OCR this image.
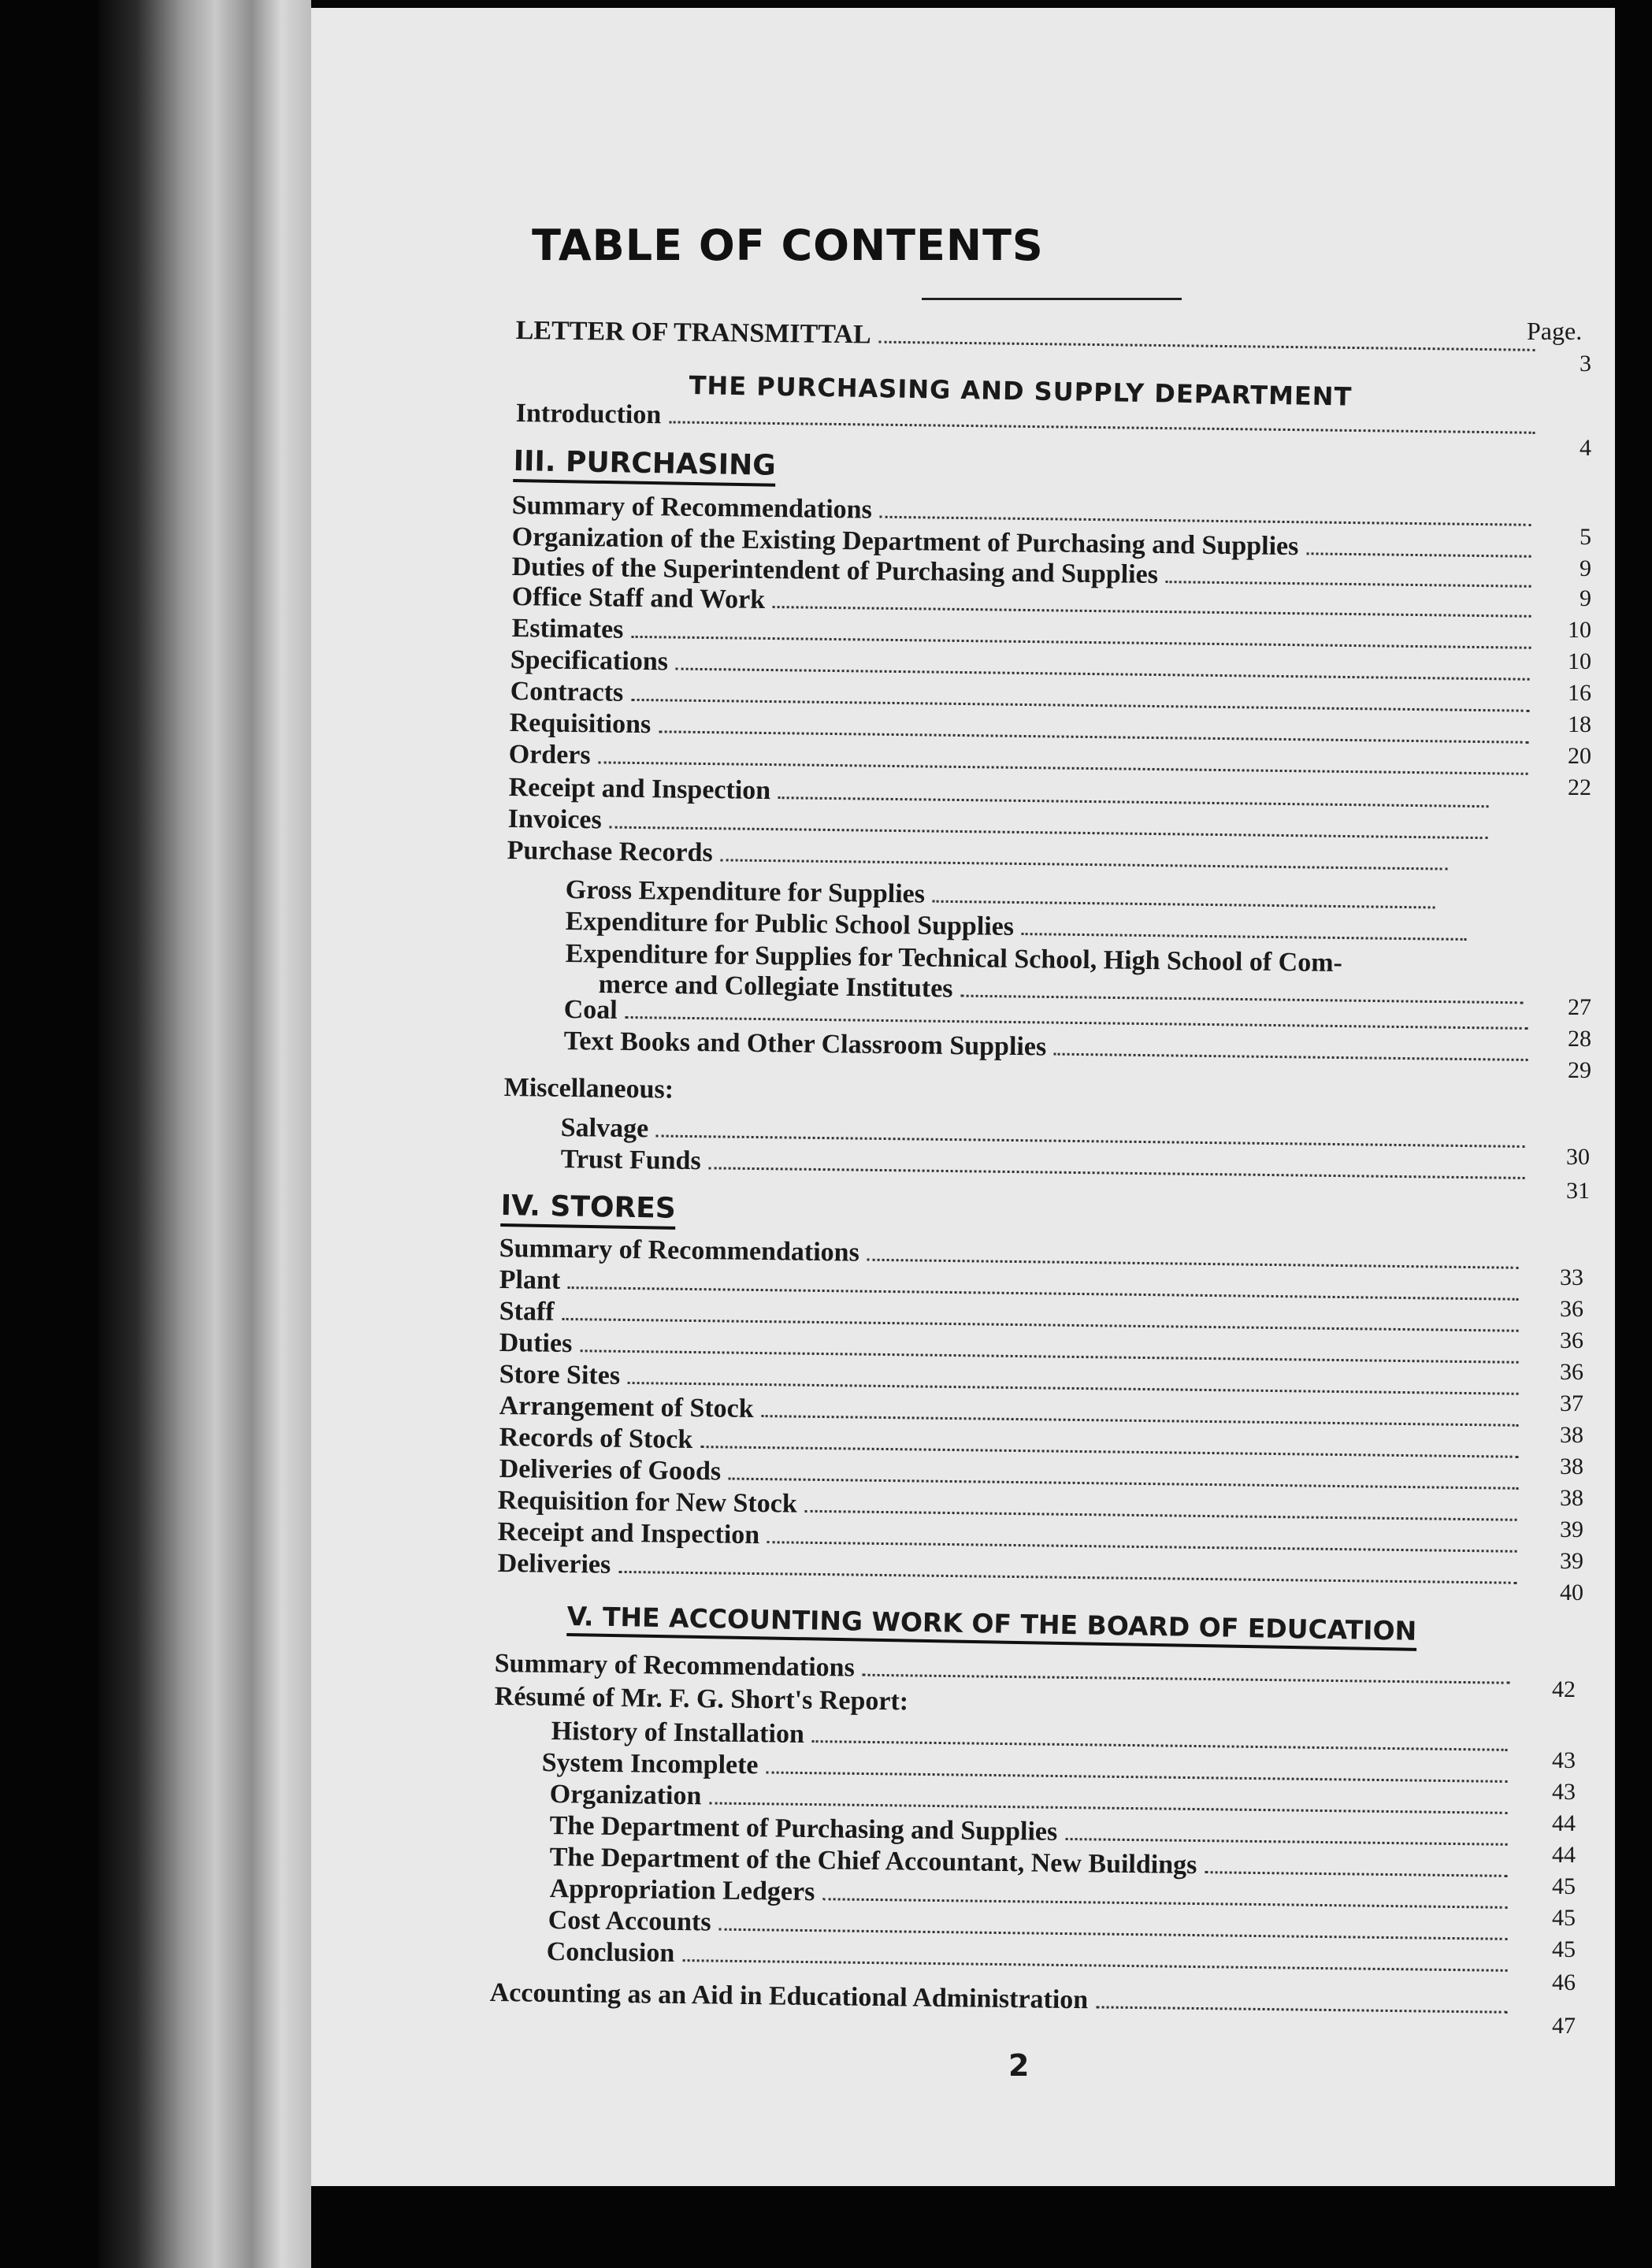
TABLE OF CONTENTS
Page.
LETTER OF TRANSMITTAL
3
THE PURCHASING AND SUPPLY DEPARTMENT
Introduction
4
III. PURCHASING
Summary of Recommendations
5
Organization of the Existing Department of Purchasing and Supplies
9
Duties of the Superintendent of Purchasing and Supplies
9
Office Staff and Work
10
Estimates
10
Specifications
16
Contracts
18
Requisitions
20
Orders
22
Receipt and Inspection
Invoices
Purchase Records
Gross Expenditure for Supplies
Expenditure for Public School Supplies
Expenditure for Supplies for Technical School, High School of Com-
merce and Collegiate Institutes
27
Coal
28
Text Books and Other Classroom Supplies
29
Miscellaneous:
Salvage
30
Trust Funds
31
IV. STORES
Summary of Recommendations
33
Plant
36
Staff
36
Duties
36
Store Sites
37
Arrangement of Stock
38
Records of Stock
38
Deliveries of Goods
38
Requisition for New Stock
39
Receipt and Inspection
39
Deliveries
40
V. THE ACCOUNTING WORK OF THE BOARD OF EDUCATION
Summary of Recommendations
42
Résumé of Mr. F. G. Short's Report:
History of Installation
43
System Incomplete
43
Organization
44
The Department of Purchasing and Supplies
44
The Department of the Chief Accountant, New Buildings
45
Appropriation Ledgers
45
Cost Accounts
45
Conclusion
46
Accounting as an Aid in Educational Administration
47
2
